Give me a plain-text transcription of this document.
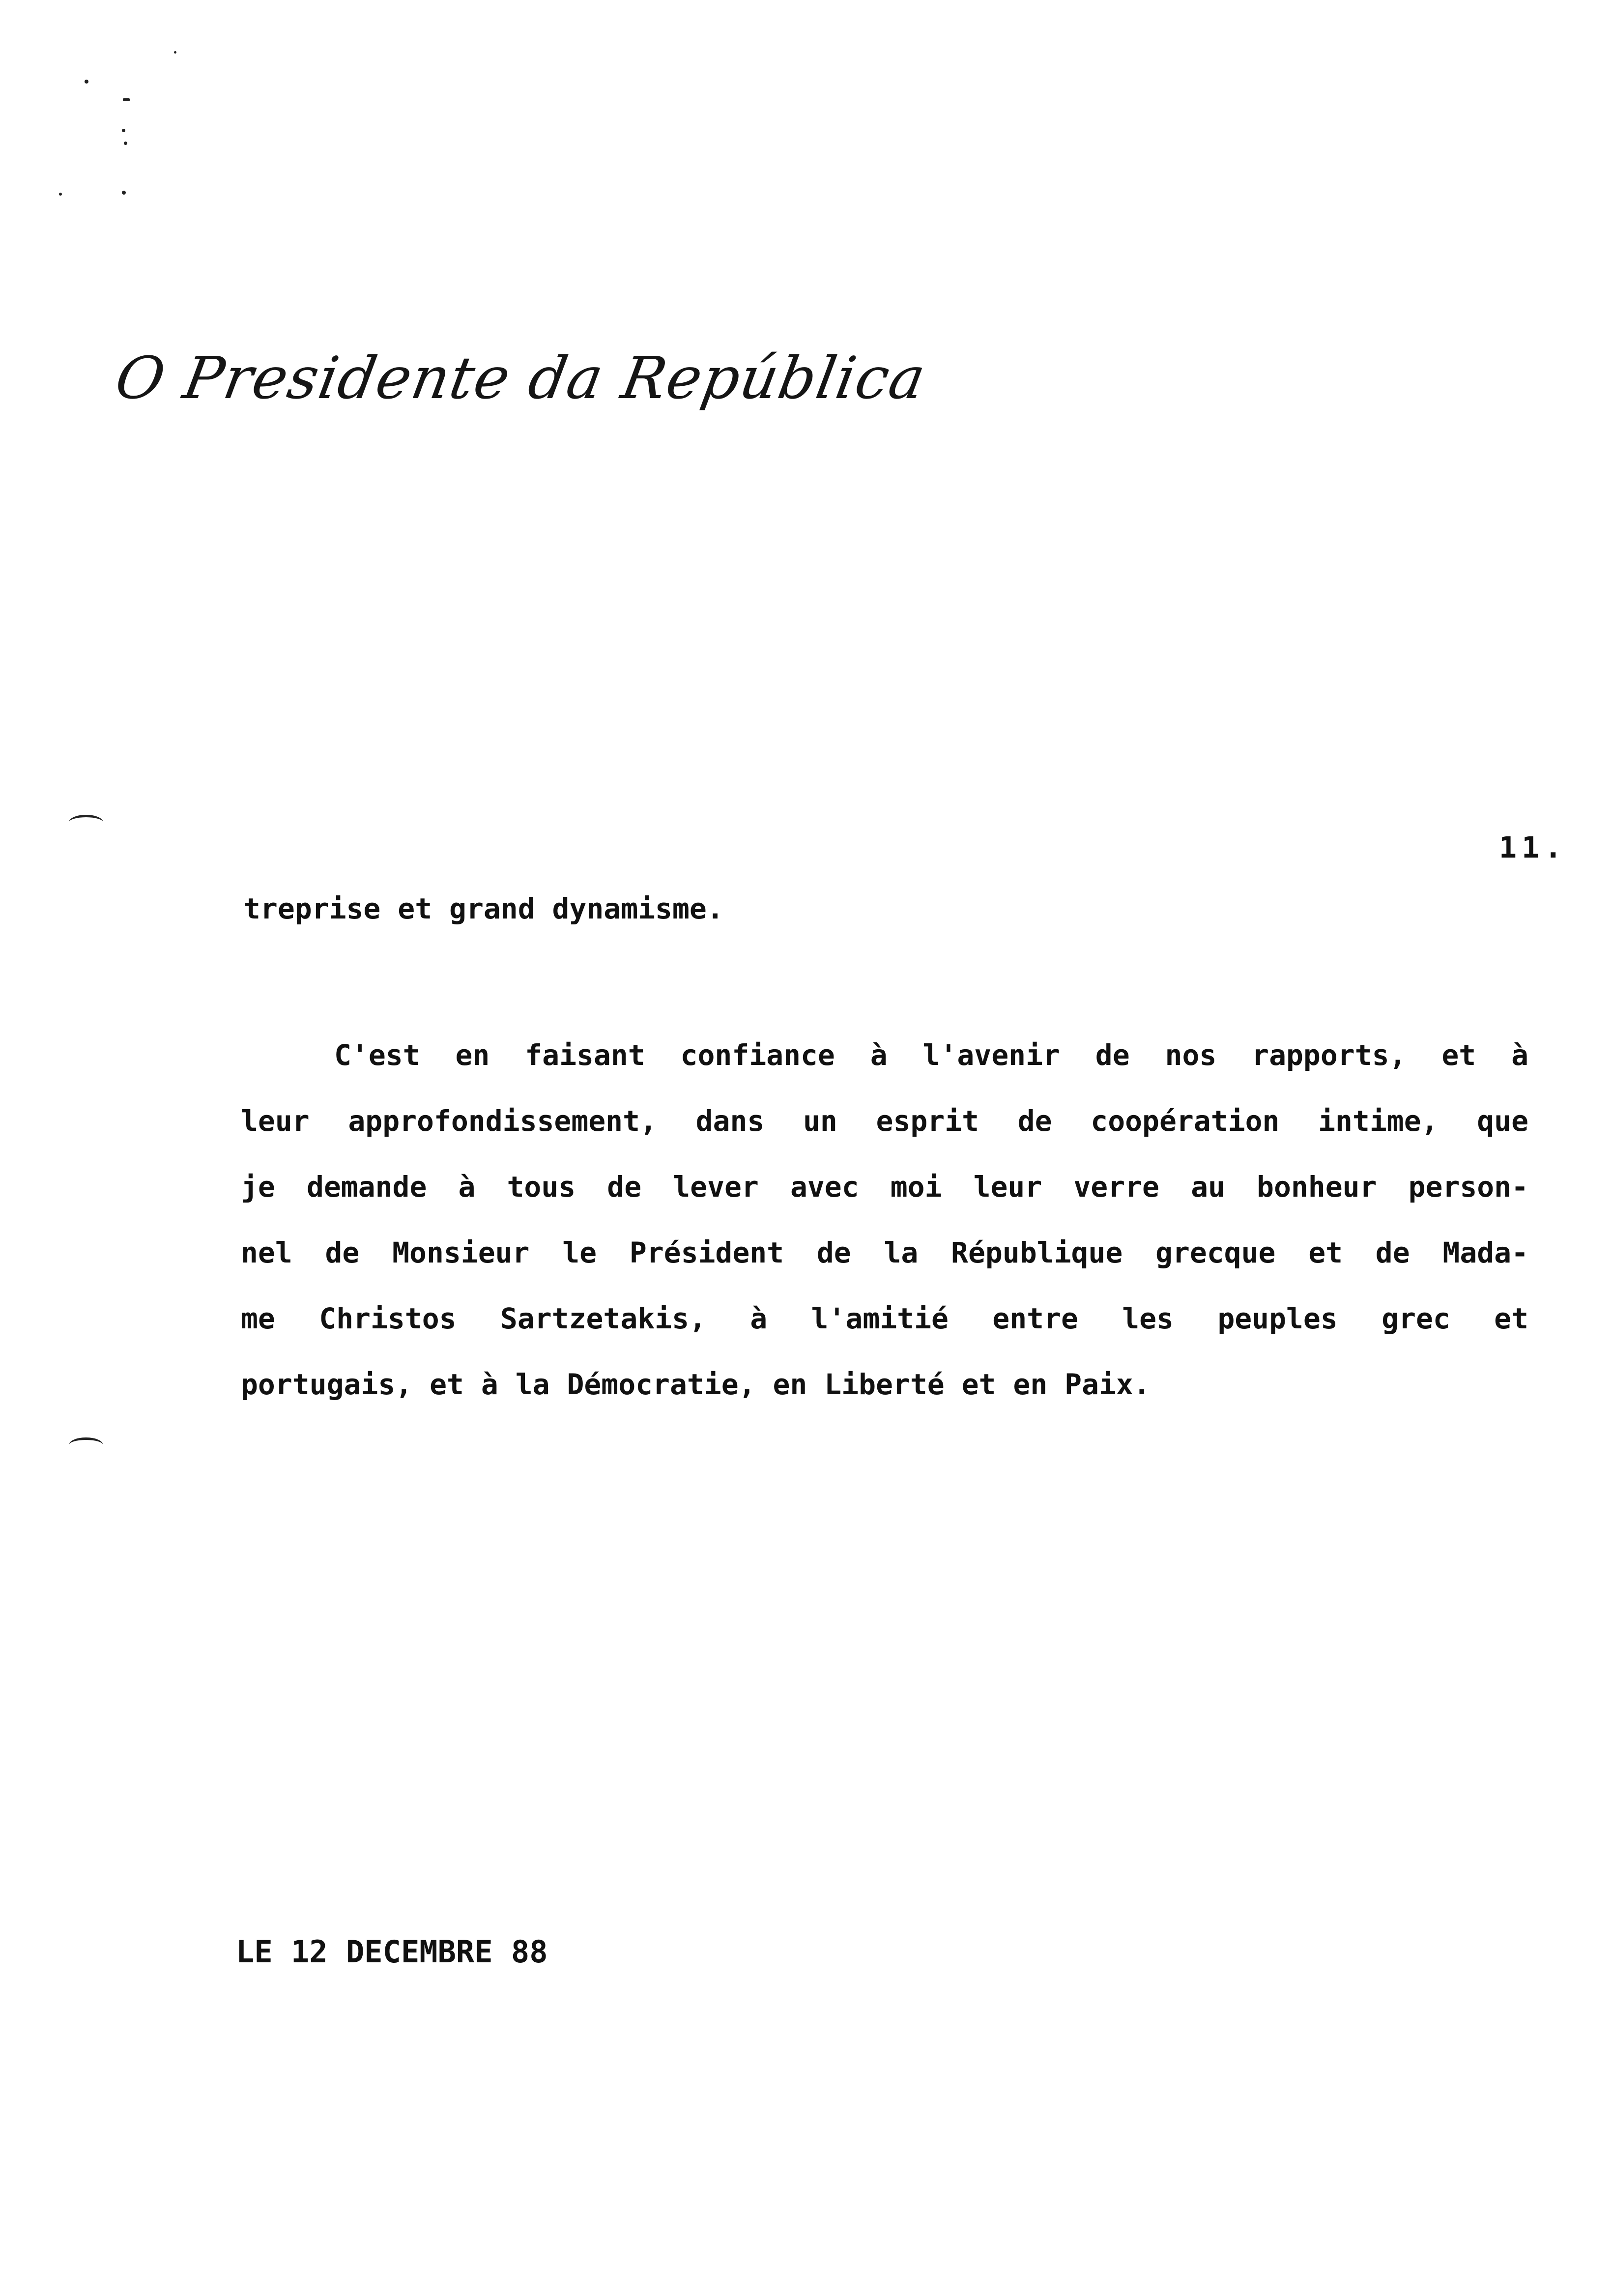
O Presidente da República
11.
treprise et grand dynamisme.
C'est en faisant confiance à l'avenir de nos rapports, et à
leur approfondissement, dans un esprit de coopération intime, que
je demande à tous de lever avec moi leur verre au bonheur person-
nel de Monsieur le Président de la République grecque et de Mada-
me Christos Sartzetakis, à l'amitié entre les peuples grec et
portugais, et à la Démocratie, en Liberté et en Paix.
LE 12 DECEMBRE 88
